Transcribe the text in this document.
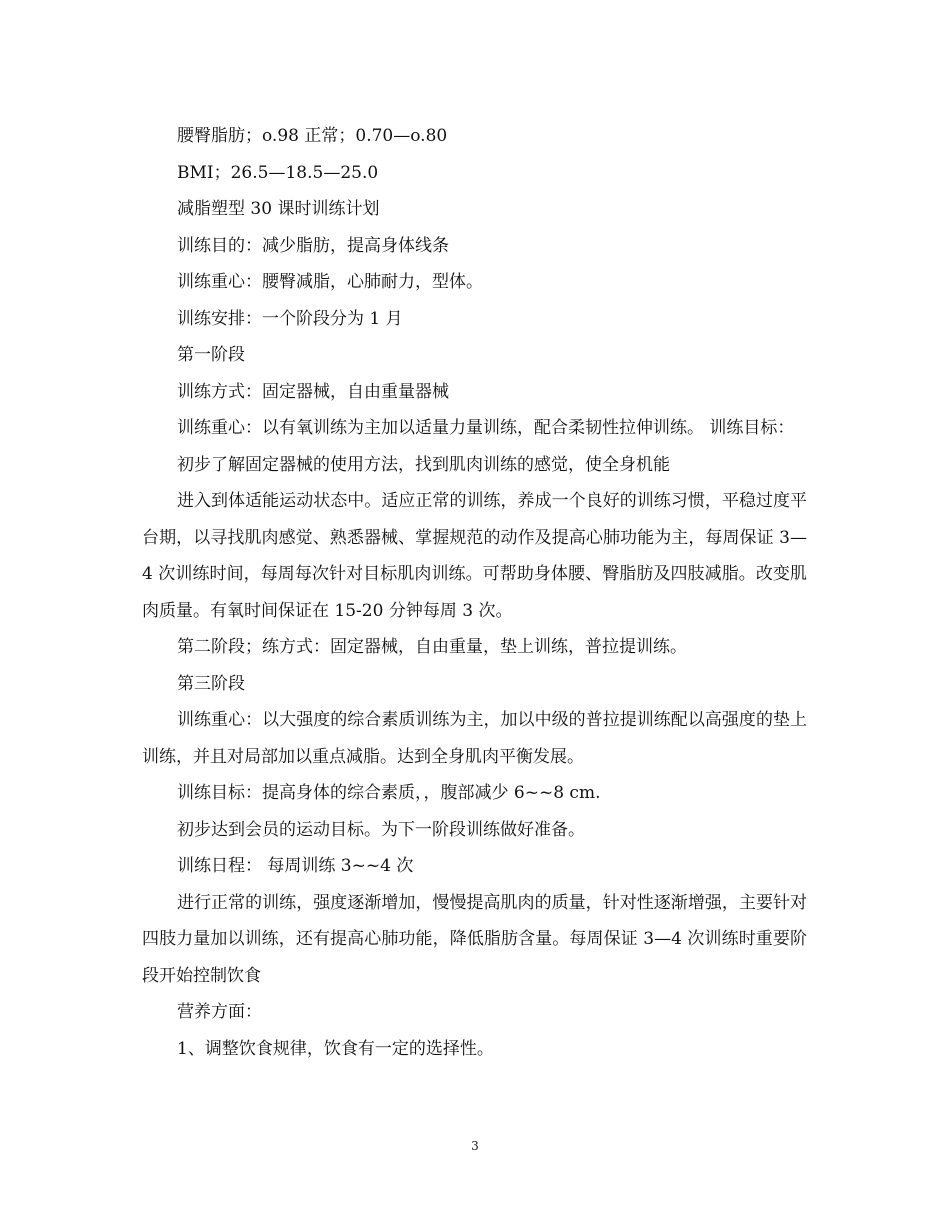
腰臀脂肪；o.98 正常；0.70—o.80

BMI；26.5—18.5—25.0

减脂塑型 30 课时训练计划

训练目的：减少脂肪，提高身体线条

训练重心：腰臀减脂，心肺耐力，型体。

训练安排：一个阶段分为 1 月

第一阶段

训练方式：固定器械，自由重量器械

训练重心：以有氧训练为主加以适量力量训练，配合柔韧性拉伸训练。 训练目标：

初步了解固定器械的使用方法，找到肌肉训练的感觉，使全身机能

进入到体适能运动状态中。适应正常的训练，养成一个良好的训练习惯，平稳过度平台期，以寻找肌肉感觉、熟悉器械、掌握规范的动作及提高心肺功能为主，每周保证 3—4 次训练时间，每周每次针对目标肌肉训练。可帮助身体腰、臀脂肪及四肢减脂。改变肌肉质量。有氧时间保证在 15-20 分钟每周 3 次。

第二阶段；练方式：固定器械，自由重量，垫上训练，普拉提训练。

第三阶段

训练重心：以大强度的综合素质训练为主，加以中级的普拉提训练配以高强度的垫上训练，并且对局部加以重点减脂。达到全身肌肉平衡发展。

训练目标：提高身体的综合素质，，腹部减少 6~~8 cm.

初步达到会员的运动目标。为下一阶段训练做好准备。

训练日程： 每周训练 3~~4 次

进行正常的训练，强度逐渐增加，慢慢提高肌肉的质量，针对性逐渐增强，主要针对四肢力量加以训练，还有提高心肺功能，降低脂肪含量。每周保证 3—4 次训练时重要阶段开始控制饮食

营养方面：

1、调整饮食规律，饮食有一定的选择性。

3
